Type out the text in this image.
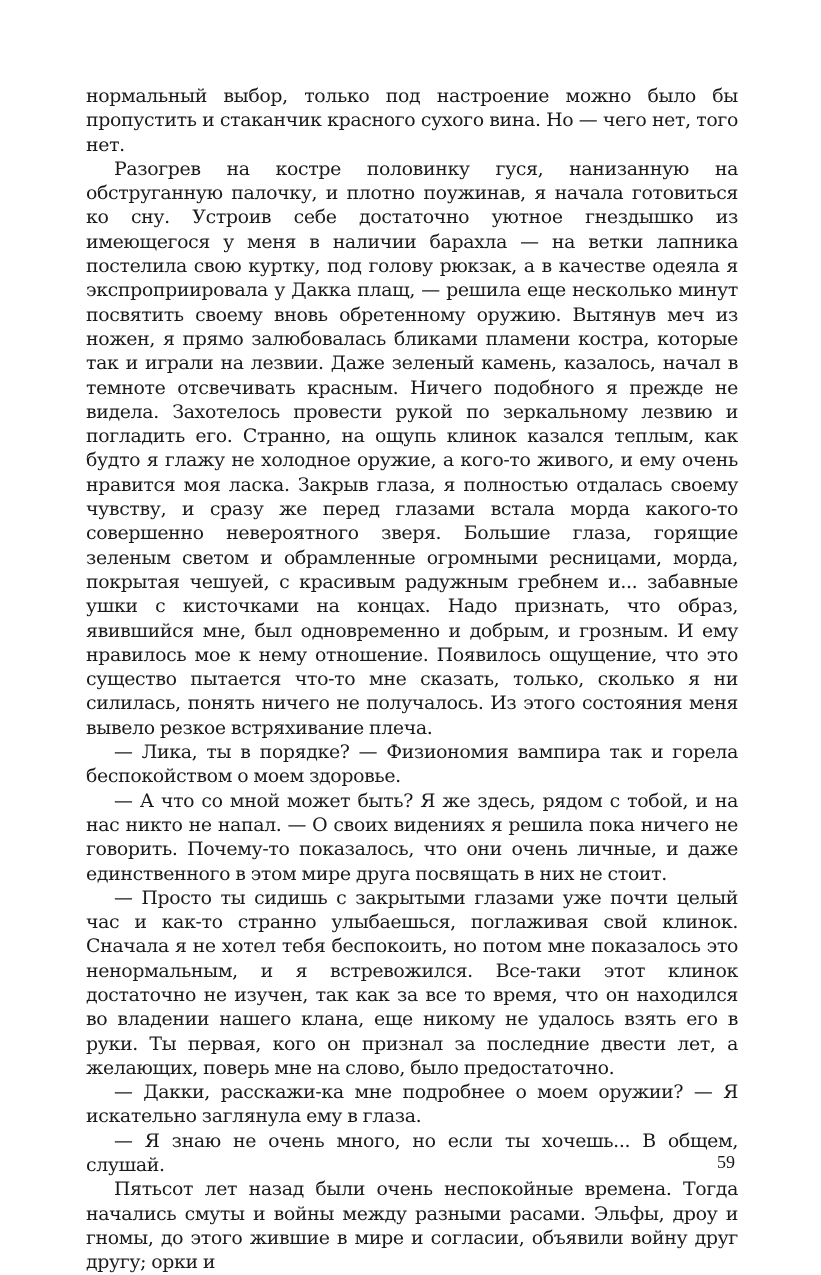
нормальный выбор, только под настроение можно было бы пропустить и стаканчик красного сухого вина. Но — чего нет, того нет.

Разогрев на костре половинку гуся, нанизанную на обструганную палочку, и плотно поужинав, я начала готовиться ко сну. Устроив себе достаточно уютное гнездышко из имеющегося у меня в наличии барахла — на ветки лапника постелила свою куртку, под голову рюкзак, а в качестве одеяла я экспроприировала у Дакка плащ, — решила еще несколько минут посвятить своему вновь обретенному оружию. Вытянув меч из ножен, я прямо залюбовалась бликами пламени костра, которые так и играли на лезвии. Даже зеленый камень, казалось, начал в темноте отсвечивать красным. Ничего подобного я прежде не видела. Захотелось провести рукой по зеркальному лезвию и погладить его. Странно, на ощупь клинок казался теплым, как будто я глажу не холодное оружие, а кого-то живого, и ему очень нравится моя ласка. Закрыв глаза, я полностью отдалась своему чувству, и сразу же перед глазами встала морда какого-то совершенно невероятного зверя. Большие глаза, горящие зеленым светом и обрамленные огромными ресницами, морда, покрытая чешуей, с красивым радужным гребнем и... забавные ушки с кисточками на концах. Надо признать, что образ, явившийся мне, был одновременно и добрым, и грозным. И ему нравилось мое к нему отношение. Появилось ощущение, что это существо пытается что-то мне сказать, только, сколько я ни силилась, понять ничего не получалось. Из этого состояния меня вывело резкое встряхивание плеча.

— Лика, ты в порядке? — Физиономия вампира так и горела беспокойством о моем здоровье.

— А что со мной может быть? Я же здесь, рядом с тобой, и на нас никто не напал. — О своих видениях я решила пока ничего не говорить. Почему-то показалось, что они очень личные, и даже единственного в этом мире друга посвящать в них не стоит.

— Просто ты сидишь с закрытыми глазами уже почти целый час и как-то странно улыбаешься, поглаживая свой клинок. Сначала я не хотел тебя беспокоить, но потом мне показалось это ненормальным, и я встревожился. Все-таки этот клинок достаточно не изучен, так как за все то время, что он находился во владении нашего клана, еще никому не удалось взять его в руки. Ты первая, кого он признал за последние двести лет, а желающих, поверь мне на слово, было предостаточно.

— Дакки, расскажи-ка мне подробнее о моем оружии? — Я искательно заглянула ему в глаза.

— Я знаю не очень много, но если ты хочешь... В общем, слушай.

Пятьсот лет назад были очень неспокойные времена. Тогда начались смуты и войны между разными расами. Эльфы, дроу и гномы, до этого жившие в мире и согласии, объявили войну друг другу; орки и

59
